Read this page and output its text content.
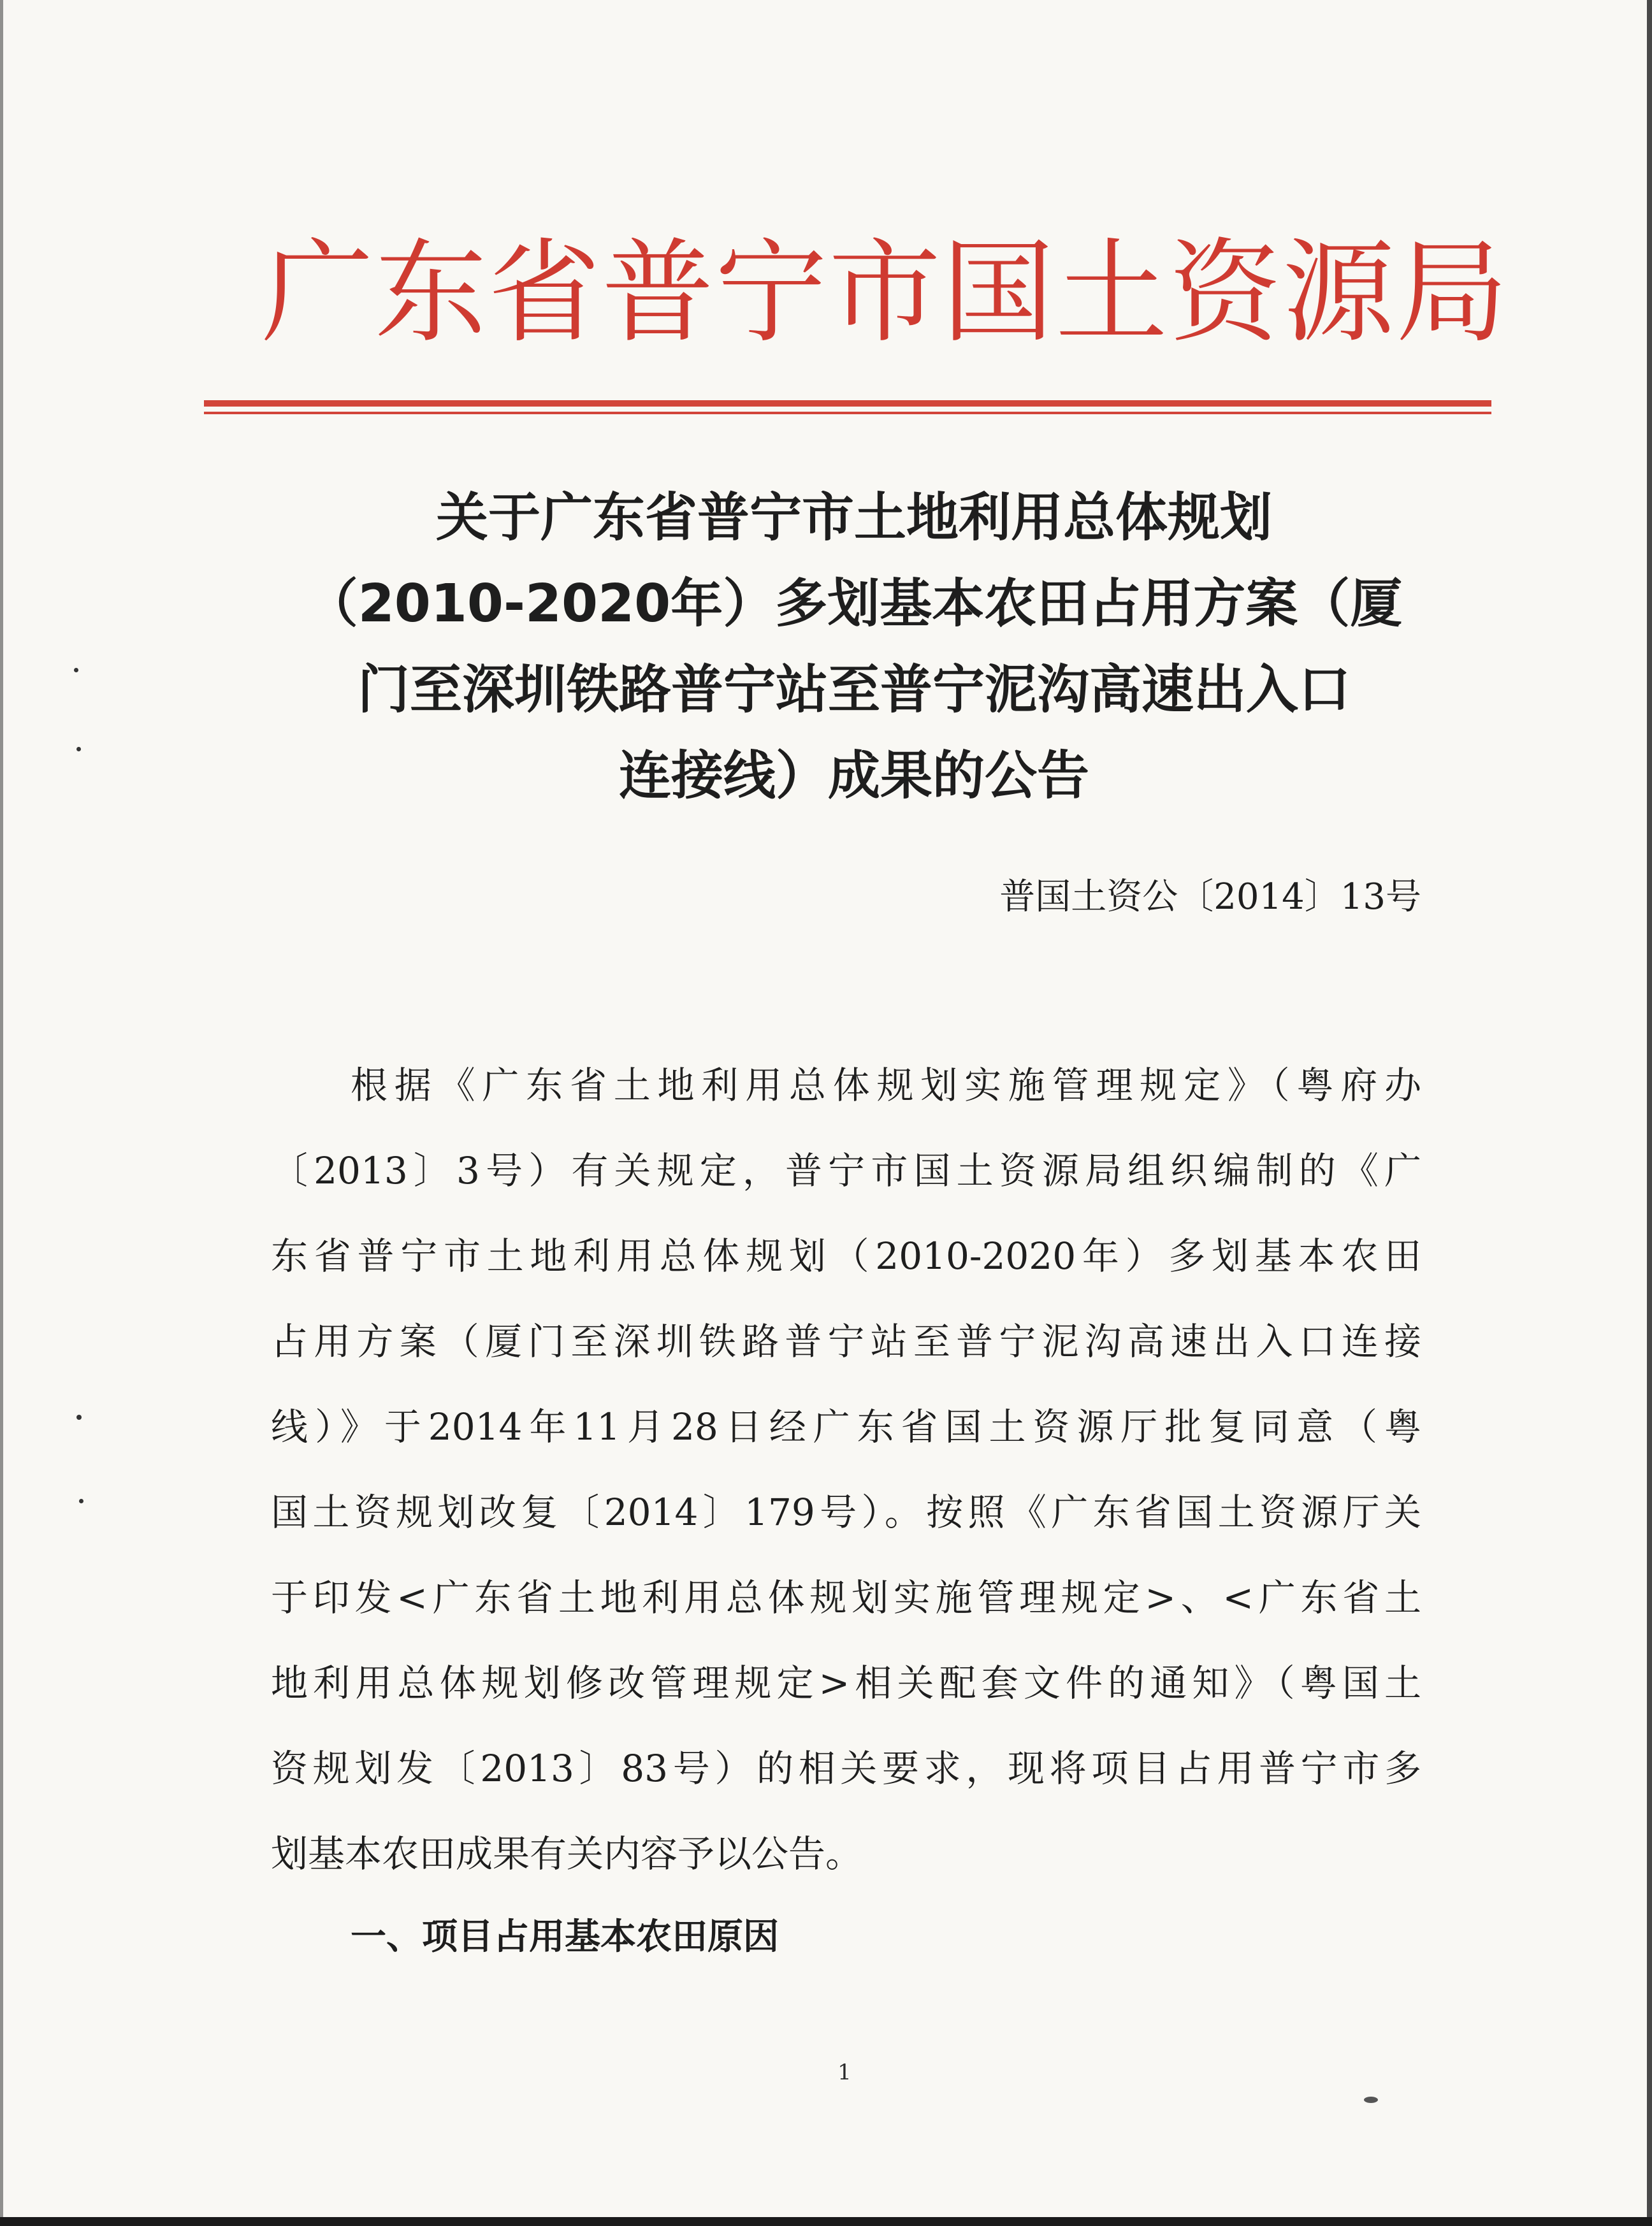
广东省普宁市国土资源局
关于广东省普宁市土地利用总体规划
（2010-2020年）多划基本农田占用方案（厦
门至深圳铁路普宁站至普宁泥沟高速出入口
连接线）成果的公告
普国土资公〔2014〕13号
根据《广东省土地利用总体规划实施管理规定》（粤府办
〔2013〕3号）有关规定，普宁市国土资源局组织编制的《广
东省普宁市土地利用总体规划（2010-2020年）多划基本农田
占用方案（厦门至深圳铁路普宁站至普宁泥沟高速出入口连接
线）》于2014年11月28日经广东省国土资源厅批复同意（粤
国土资规划改复〔2014〕179号）。按照《广东省国土资源厅关
于印发<广东省土地利用总体规划实施管理规定>、<广东省土
地利用总体规划修改管理规定>相关配套文件的通知》（粤国土
资规划发〔2013〕83号）的相关要求，现将项目占用普宁市多
划基本农田成果有关内容予以公告。
一、项目占用基本农田原因
1
